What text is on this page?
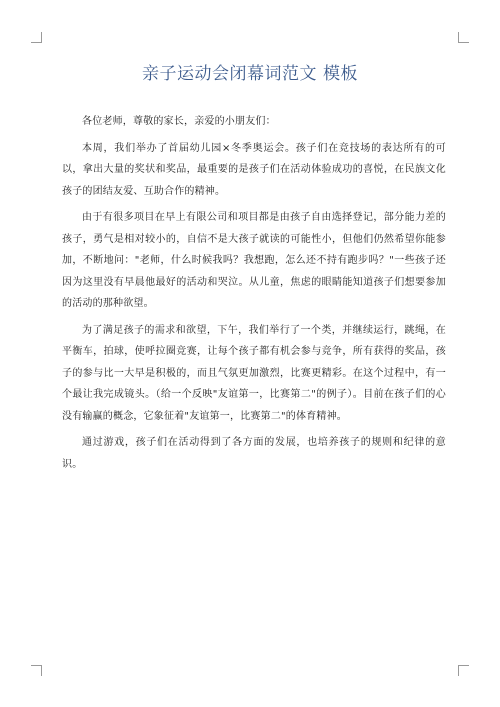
亲子运动会闭幕词范文 模板

各位老师，尊敬的家长，亲爱的小朋友们：

本周，我们举办了首届幼儿园×冬季奥运会。孩子们在竞技场的表达所有的可以，拿出大量的奖状和奖品，最重要的是孩子们在活动体验成功的喜悦，在民族文化孩子的团结友爱、互助合作的精神。

由于有很多项目在早上有限公司和项目都是由孩子自由选择登记，部分能力差的孩子，勇气是相对较小的，自信不是大孩子就读的可能性小，但他们仍然希望你能参加，不断地问："老师，什么时候我吗？我想跑，怎么还不持有跑步吗？"一些孩子还因为这里没有早晨他最好的活动和哭泣。从儿童，焦虑的眼睛能知道孩子们想要参加的活动的那种欲望。

为了满足孩子的需求和欲望，下午，我们举行了一个类，并继续运行，跳绳，在平衡车，拍球，使呼拉圈竞赛，让每个孩子都有机会参与竞争，所有获得的奖品，孩子的参与比一大早是积极的，而且气氛更加激烈，比赛更精彩。在这个过程中，有一个最让我完成镜头。（给一个反映"友谊第一，比赛第二"的例子）。目前在孩子们的心没有输赢的概念，它象征着"友谊第一，比赛第二"的体育精神。

通过游戏，孩子们在活动得到了各方面的发展，也培养孩子的规则和纪律的意识。
